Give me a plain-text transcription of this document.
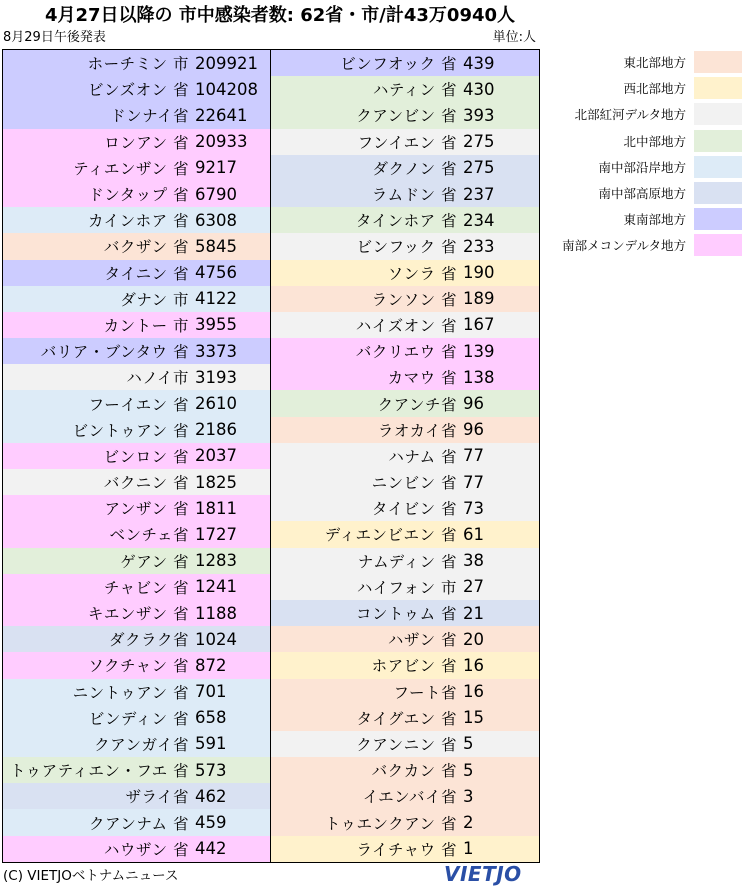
4月27日以降の 市中感染者数: 62省・市/計43万0940人
8月29日午後発表	単位:人
ホーチミン 市 209921
ビンズオン 省 104208
ドンナイ省 22641
ロンアン 省 20933
ティエンザン 省 9217
ドンタップ 省 6790
カインホア 省 6308
バクザン 省 5845
タイニン 省 4756
ダナン 市 4122
カントー 市 3955
バリア・ブンタウ 省 3373
ハノイ市 3193
フーイエン 省 2610
ビントゥアン 省 2186
ビンロン 省 2037
バクニン 省 1825
アンザン 省 1811
ベンチェ省 1727
ゲアン 省 1283
チャビン 省 1241
キエンザン 省 1188
ダクラク省 1024
ソクチャン 省 872
ニントゥアン 省 701
ビンディン 省 658
クアンガイ省 591
トゥアティエン・フエ 省 573
ザライ省 462
クアンナム 省 459
ハウザン 省 442
ビンフオック 省 439
ハティン 省 430
クアンビン 省 393
フンイエン 省 275
ダクノン 省 275
ラムドン 省 237
タインホア 省 234
ビンフック 省 233
ソンラ 省 190
ランソン 省 189
ハイズオン 省 167
バクリエウ 省 139
カマウ 省 138
クアンチ省 96
ラオカイ省 96
ハナム 省 77
ニンビン 省 77
タイビン 省 73
ディエンビエン 省 61
ナムディン 省 38
ハイフォン 市 27
コントゥム 省 21
ハザン 省 20
ホアビン 省 16
フート省 16
タイグエン 省 15
クアンニン 省 5
バクカン 省 5
イエンバイ省 3
トゥエンクアン 省 2
ライチャウ 省 1
東北部地方
西北部地方
北部紅河デルタ地方
北中部地方
南中部沿岸地方
南中部高原地方
東南部地方
南部メコンデルタ地方
(C) VIETJOベトナムニュース	VIETJO
